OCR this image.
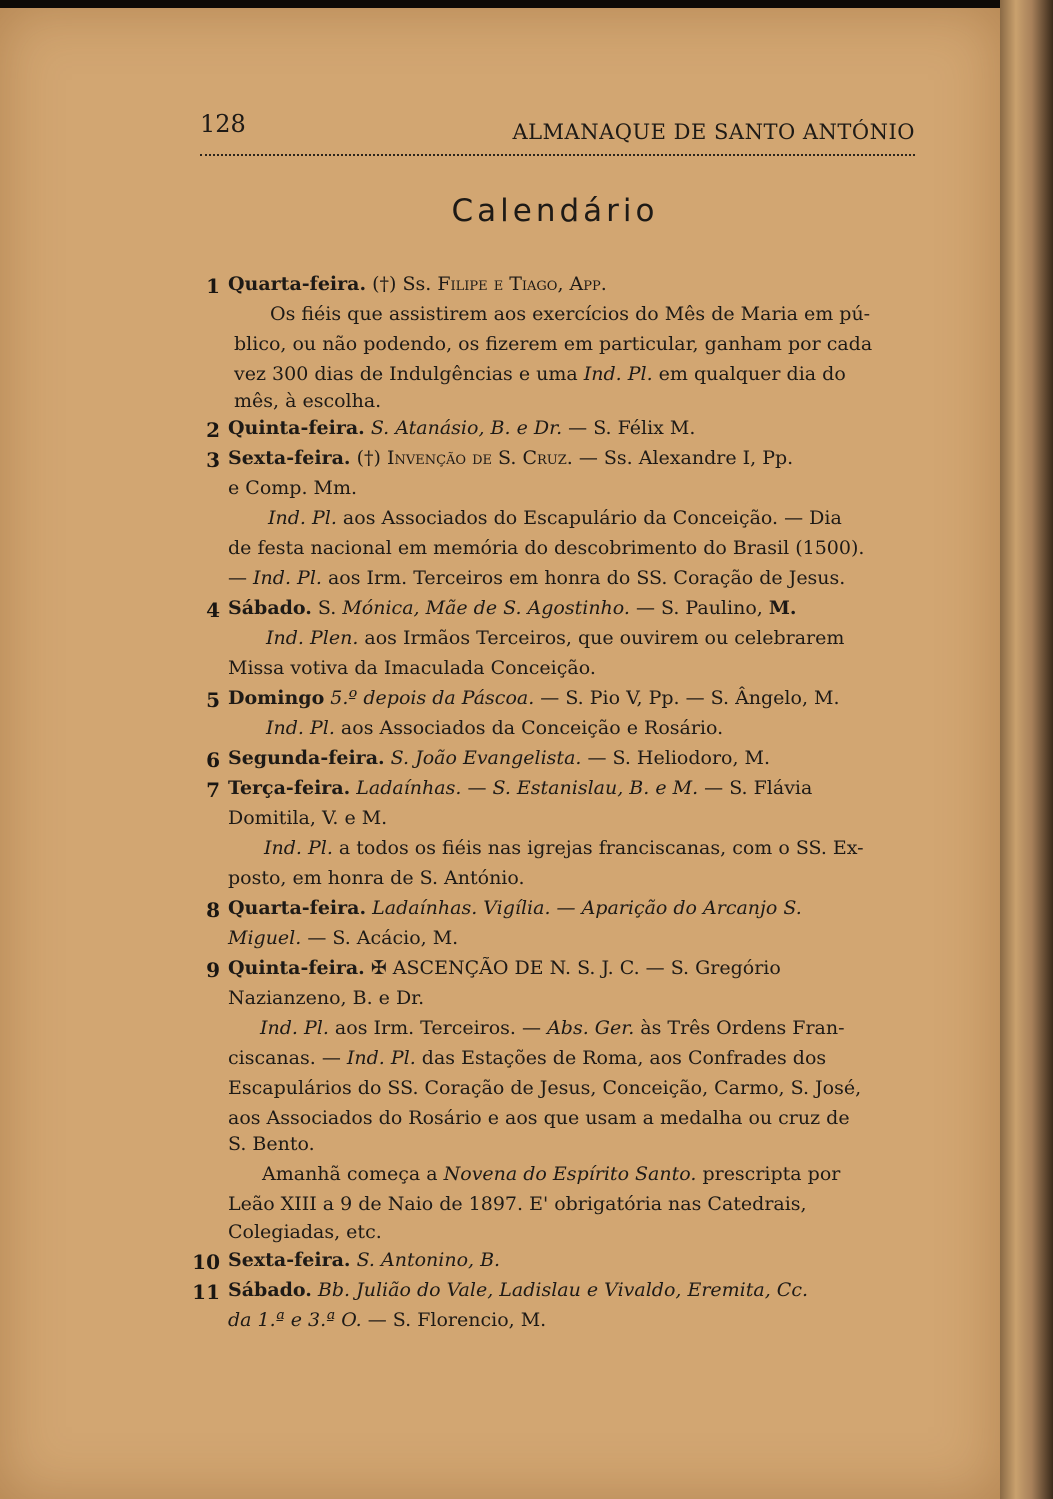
128	ALMANAQUE DE SANTO ANTÓNIO
Calendário
1 Quarta-feira. (†) Ss. Filipe e Tiago, App.
Os fiéis que assistirem aos exercícios do Mês de Maria em pú-
blico, ou não podendo, os fizerem em particular, ganham por cada
vez 300 dias de Indulgências e uma Ind. Pl. em qualquer dia do
mês, à escolha.
2 Quinta-feira. S. Atanásio, B. e Dr. — S. Félix M.
3 Sexta-feira. (†) Invenção de S. Cruz. — Ss. Alexandre I, Pp.
e Comp. Mm.
Ind. Pl. aos Associados do Escapulário da Conceição. — Dia
de festa nacional em memória do descobrimento do Brasil (1500).
— Ind. Pl. aos Irm. Terceiros em honra do SS. Coração de Jesus.
4 Sábado. S. Mónica, Mãe de S. Agostinho. — S. Paulino, M.
Ind. Plen. aos Irmãos Terceiros, que ouvirem ou celebrarem
Missa votiva da Imaculada Conceição.
5 Domingo 5.º depois da Páscoa. — S. Pio V, Pp. — S. Ângelo, M.
Ind. Pl. aos Associados da Conceição e Rosário.
6 Segunda-feira. S. João Evangelista. — S. Heliodoro, M.
7 Terça-feira. Ladaínhas. — S. Estanislau, B. e M. — S. Flávia
Domitila, V. e M.
Ind. Pl. a todos os fiéis nas igrejas franciscanas, com o SS. Ex-
posto, em honra de S. António.
8 Quarta-feira. Ladaínhas. Vigília. — Aparição do Arcanjo S.
Miguel. — S. Acácio, M.
9 Quinta-feira. ✠ ASCENÇÃO DE N. S. J. C. — S. Gregório
Nazianzeno, B. e Dr.
Ind. Pl. aos Irm. Terceiros. — Abs. Ger. às Três Ordens Fran-
ciscanas. — Ind. Pl. das Estações de Roma, aos Confrades dos
Escapulários do SS. Coração de Jesus, Conceição, Carmo, S. José,
aos Associados do Rosário e aos que usam a medalha ou cruz de
S. Bento.
Amanhã começa a Novena do Espírito Santo. prescripta por
Leão XIII a 9 de Naio de 1897. E' obrigatória nas Catedrais,
Colegiadas, etc.
10 Sexta-feira. S. Antonino, B.
11 Sábado. Bb. Julião do Vale, Ladislau e Vivaldo, Eremita, Cc.
da 1.ª e 3.ª O. — S. Florencio, M.
